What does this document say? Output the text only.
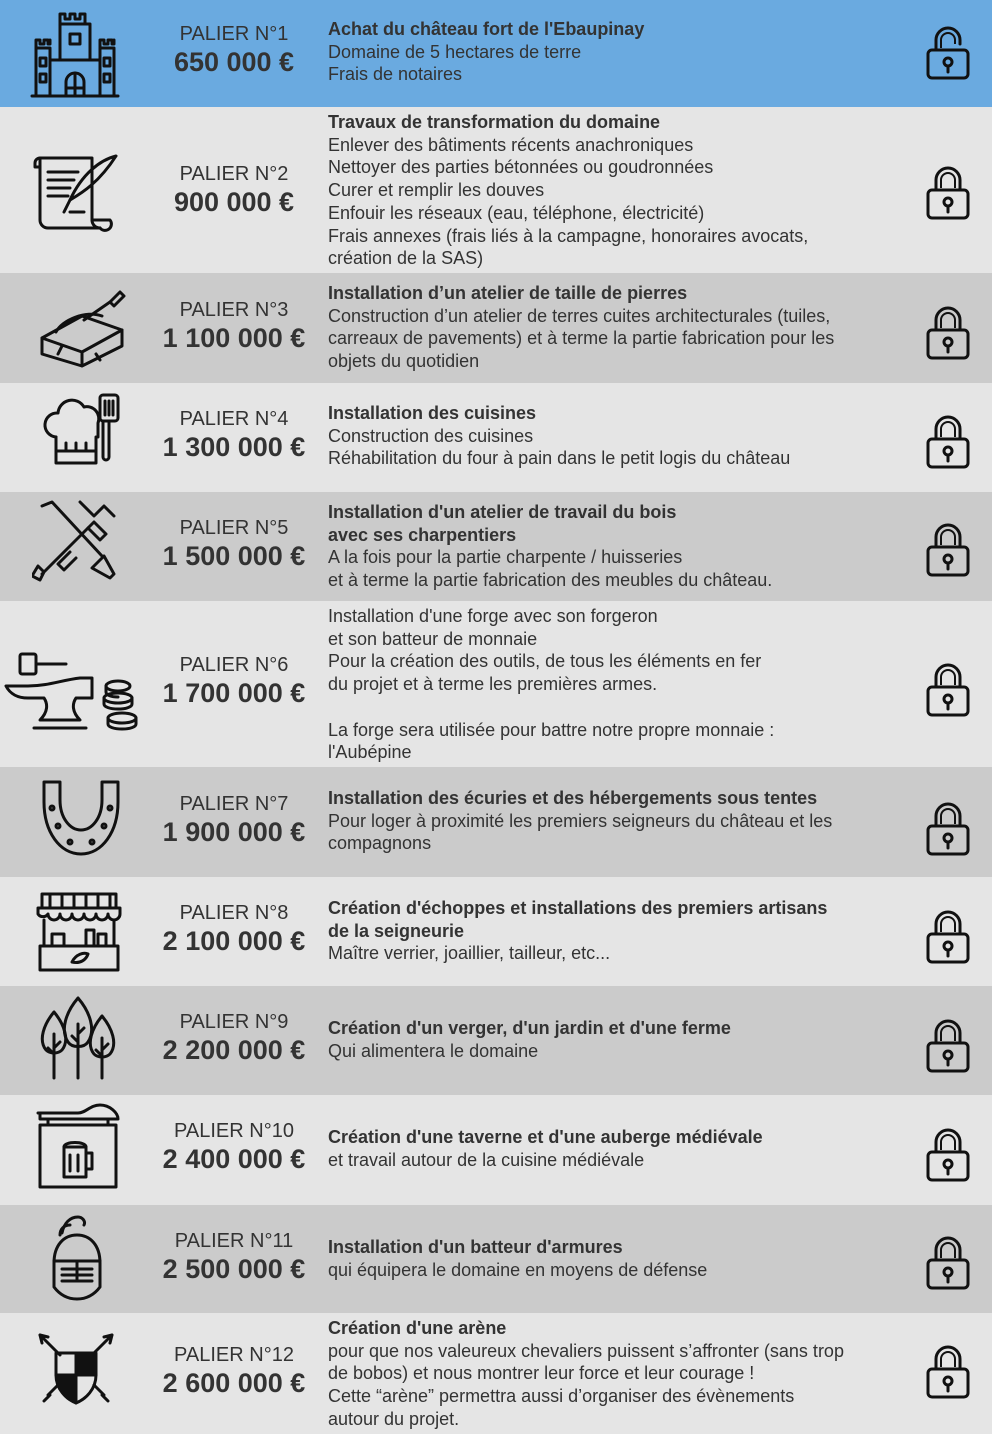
PALIER N°1
650 000 €
Achat du château fort de l'Ebaupinay
Domaine de 5 hectares de terre
Frais de notaires
PALIER N°2
900 000 €
Travaux de transformation du domaine
Enlever des bâtiments récents anachroniques
Nettoyer des parties bétonnées ou goudronnées
Curer et remplir les douves
Enfouir les réseaux (eau, téléphone, électricité)
Frais annexes (frais liés à la campagne, honoraires avocats,
création de la SAS)
PALIER N°3
1 100 000 €
Installation d’un atelier de taille de pierres
Construction d’un atelier de terres cuites architecturales (tuiles,
carreaux de pavements) et à terme la partie fabrication pour les
objets du quotidien
PALIER N°4
1 300 000 €
Installation des cuisines
Construction des cuisines
Réhabilitation du four à pain dans le petit logis du château
PALIER N°5
1 500 000 €
Installation d'un atelier de travail du bois
avec ses charpentiers
A la fois pour la partie charpente / huisseries
et à terme la partie fabrication des meubles du château.
PALIER N°6
1 700 000 €
Installation d'une forge avec son forgeron
et son batteur de monnaie
Pour la création des outils, de tous les éléments en fer
du projet et à terme les premières armes.
La forge sera utilisée pour battre notre propre monnaie :
l'Aubépine
PALIER N°7
1 900 000 €
Installation des écuries et des hébergements sous tentes
Pour loger à proximité les premiers seigneurs du château et les
compagnons
PALIER N°8
2 100 000 €
Création d'échoppes et installations des premiers artisans
de la seigneurie
Maître verrier, joaillier, tailleur, etc...
PALIER N°9
2 200 000 €
Création d'un verger, d'un jardin et d'une ferme
Qui alimentera le domaine
PALIER N°10
2 400 000 €
Création d'une taverne et d'une auberge médiévale
et travail autour de la cuisine médiévale
PALIER N°11
2 500 000 €
Installation d'un batteur d'armures
qui équipera le domaine en moyens de défense
PALIER N°12
2 600 000 €
Création d'une arène
pour que nos valeureux chevaliers puissent s’affronter (sans trop
de bobos) et nous montrer leur force et leur courage !
Cette “arène” permettra aussi d’organiser des évènements
autour du projet.
